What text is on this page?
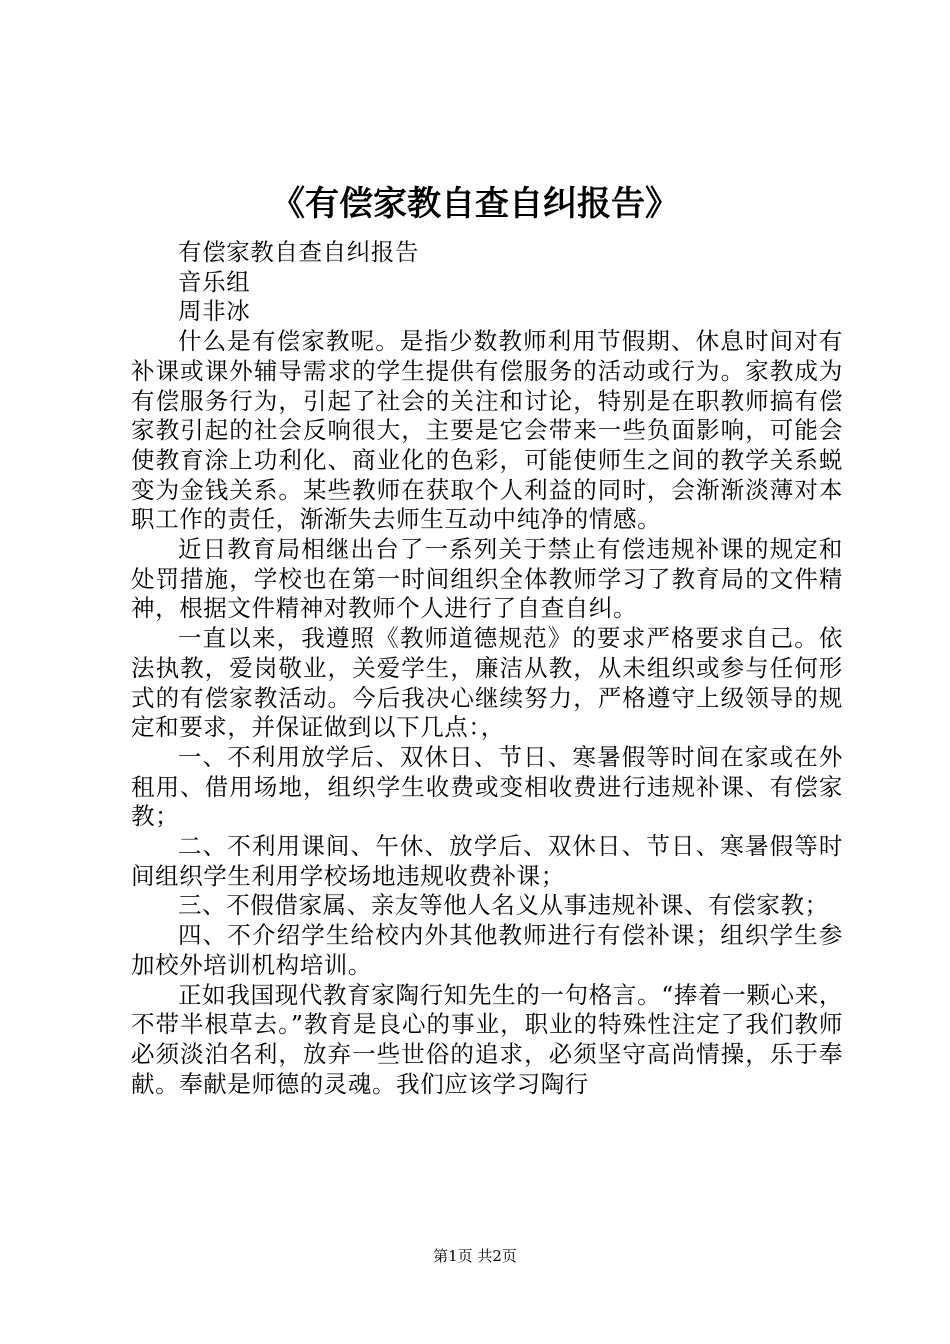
《有偿家教自查自纠报告》

有偿家教自查自纠报告

音乐组

周非冰

什么是有偿家教呢。是指少数教师利用节假期、休息时间对有补课或课外辅导需求的学生提供有偿服务的活动或行为。家教成为有偿服务行为，引起了社会的关注和讨论，特别是在职教师搞有偿家教引起的社会反响很大，主要是它会带来一些负面影响，可能会使教育涂上功利化、商业化的色彩，可能使师生之间的教学关系蜕变为金钱关系。某些教师在获取个人利益的同时，会渐渐淡薄对本职工作的责任，渐渐失去师生互动中纯净的情感。

近日教育局相继出台了一系列关于禁止有偿违规补课的规定和处罚措施，学校也在第一时间组织全体教师学习了教育局的文件精神，根据文件精神对教师个人进行了自查自纠。

一直以来，我遵照《教师道德规范》的要求严格要求自己。依法执教，爱岗敬业，关爱学生，廉洁从教，从未组织或参与任何形式的有偿家教活动。今后我决心继续努力，严格遵守上级领导的规定和要求，并保证做到以下几点：，

一、不利用放学后、双休日、节日、寒暑假等时间在家或在外租用、借用场地，组织学生收费或变相收费进行违规补课、有偿家教；

二、不利用课间、午休、放学后、双休日、节日、寒暑假等时间组织学生利用学校场地违规收费补课；

三、不假借家属、亲友等他人名义从事违规补课、有偿家教；

四、不介绍学生给校内外其他教师进行有偿补课；组织学生参加校外培训机构培训。

正如我国现代教育家陶行知先生的一句格言。“捧着一颗心来，不带半根草去。”教育是良心的事业，职业的特殊性注定了我们教师必须淡泊名利，放弃一些世俗的追求，必须坚守高尚情操，乐于奉献。奉献是师德的灵魂。我们应该学习陶行

第1页 共2页
